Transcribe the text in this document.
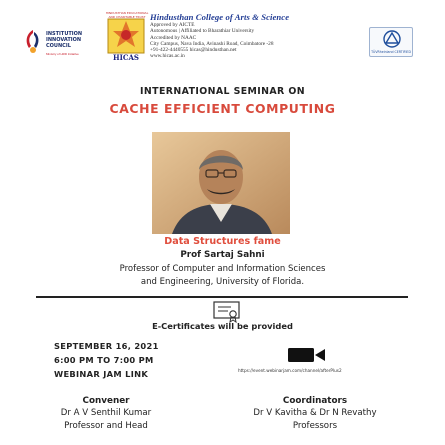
INSTITUTION INNOVATION COUNCIL
Ministry of HRD Initiative
HINDUSTHAN EDUCATIONAL AND CHARITABLE TRUST
HICAS
Hindusthan College of Arts & Science
Approved by AICTE
Autonomous | Affiliated to Bharathiar University
Accredited by NAAC
City Campus, Nava India, Avinashi Road, Coimbatore -28
+91-422-4440555 hicas@hindusthan.net
www.hicas.ac.in
TÜVRheinland CERTIFIED
INTERNATIONAL SEMINAR ON
CACHE EFFICIENT COMPUTING
Data Structures fame
Prof Sartaj Sahni
Professor of Computer and Information Sciences
and Engineering, University of Florida.
E-Certificates will be provided
SEPTEMBER 16, 2021
6:00 PM TO 7:00 PM
WEBINAR JAM LINK	https://event.webinarjam.com/channel/afterPlus2
Convener
Dr A V Senthil Kumar
Professor and Head
Coordinators
Dr V Kavitha & Dr N Revathy
Professors
